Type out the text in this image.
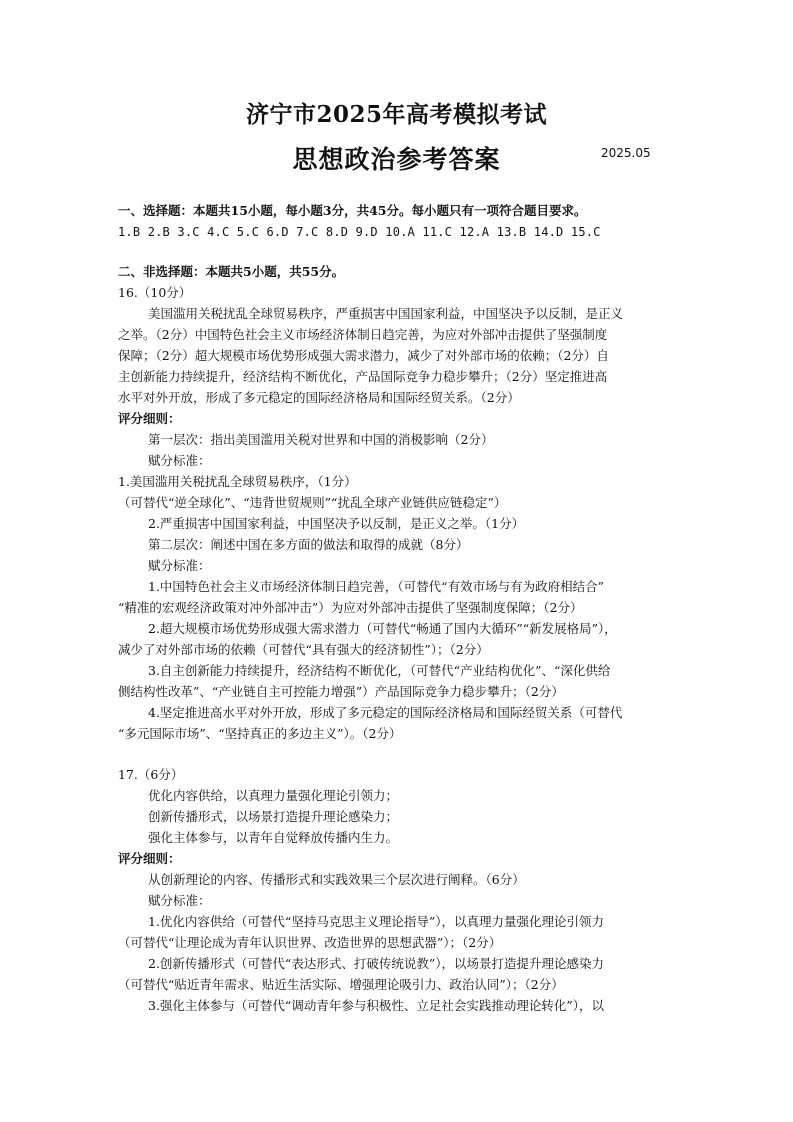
济宁市2025年高考模拟考试
思想政治参考答案	2025.05
一、选择题：本题共15小题，每小题3分，共45分。每小题只有一项符合题目要求。
1.B 2.B 3.C 4.C 5.C 6.D 7.C 8.D 9.D 10.A 11.C 12.A 13.B 14.D 15.C
二、非选择题：本题共5小题，共55分。
16.（10分）
美国滥用关税扰乱全球贸易秩序，严重损害中国国家利益，中国坚决予以反制，是正义
之举。（2分）中国特色社会主义市场经济体制日趋完善，为应对外部冲击提供了坚强制度
保障；（2分）超大规模市场优势形成强大需求潜力，减少了对外部市场的依赖；（2分）自
主创新能力持续提升，经济结构不断优化，产品国际竞争力稳步攀升；（2分）坚定推进高
水平对外开放，形成了多元稳定的国际经济格局和国际经贸关系。（2分）
评分细则：
第一层次：指出美国滥用关税对世界和中国的消极影响（2分）
赋分标准：
1.美国滥用关税扰乱全球贸易秩序，（1分）
（可替代“逆全球化”、“违背世贸规则”“扰乱全球产业链供应链稳定”）
2.严重损害中国国家利益，中国坚决予以反制，是正义之举。（1分）
第二层次：阐述中国在多方面的做法和取得的成就（8分）
赋分标准：
1.中国特色社会主义市场经济体制日趋完善，（可替代“有效市场与有为政府相结合”
“精准的宏观经济政策对冲外部冲击”）为应对外部冲击提供了坚强制度保障；（2分）
2.超大规模市场优势形成强大需求潜力（可替代“畅通了国内大循环”“新发展格局”），
减少了对外部市场的依赖（可替代“具有强大的经济韧性”）；（2分）
3.自主创新能力持续提升，经济结构不断优化，（可替代“产业结构优化”、“深化供给
侧结构性改革”、“产业链自主可控能力增强”）产品国际竞争力稳步攀升；（2分）
4.坚定推进高水平对外开放，形成了多元稳定的国际经济格局和国际经贸关系（可替代
“多元国际市场”、“坚持真正的多边主义”）。（2分）
17.（6分）
优化内容供给，以真理力量强化理论引领力；
创新传播形式，以场景打造提升理论感染力；
强化主体参与，以青年自觉释放传播内生力。
评分细则：
从创新理论的内容、传播形式和实践效果三个层次进行阐释。（6分）
赋分标准：
1.优化内容供给（可替代“坚持马克思主义理论指导”），以真理力量强化理论引领力
（可替代“让理论成为青年认识世界、改造世界的思想武器”）；（2分）
2.创新传播形式（可替代“表达形式、打破传统说教”），以场景打造提升理论感染力
（可替代“贴近青年需求、贴近生活实际、增强理论吸引力、政治认同”）；（2分）
3.强化主体参与（可替代“调动青年参与积极性、立足社会实践推动理论转化”），以
